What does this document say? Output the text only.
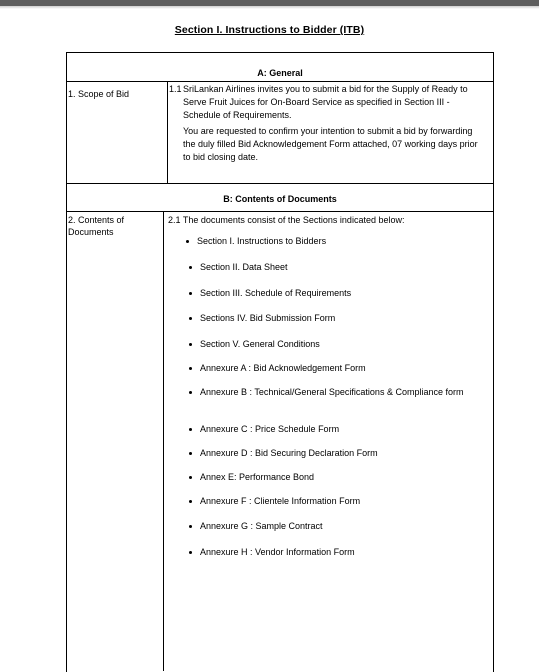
Section I. Instructions to Bidder (ITB)
A: General
1. Scope of Bid	1.1 SriLankan Airlines invites you to submit a bid for the Supply of Ready to Serve Fruit Juices for On-Board Service as specified in Section III - Schedule of Requirements.
You are requested to confirm your intention to submit a bid by forwarding the duly filled Bid Acknowledgement Form attached, 07 working days prior to bid closing date.
B: Contents of Documents
2. Contents of Documents
2.1 The documents consist of the Sections indicated below:
Section I. Instructions to Bidders
Section II. Data Sheet
Section III. Schedule of Requirements
Sections IV. Bid Submission Form
Section V. General Conditions
Annexure A : Bid Acknowledgement Form
Annexure B : Technical/General Specifications & Compliance form
Annexure C : Price Schedule Form
Annexure D : Bid Securing Declaration Form
Annex E: Performance Bond
Annexure F : Clientele Information Form
Annexure G : Sample Contract
Annexure H : Vendor Information Form
